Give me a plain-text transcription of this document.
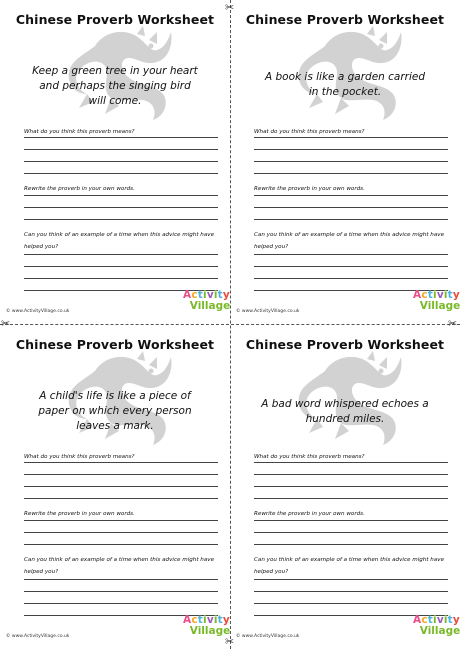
✂
✂
✂	✂
Chinese Proverb Worksheet
Keep a green tree in your heart and perhaps the singing bird will come.
What do you think this proverb means?
Rewrite the proverb in your own words.
Can you think of an example of a time when this advice might have helped you?
© www.ActivityVillage.co.uk
Activity
Village
Chinese Proverb Worksheet
A book is like a garden carried in the pocket.
What do you think this proverb means?
Rewrite the proverb in your own words.
Can you think of an example of a time when this advice might have helped you?
© www.ActivityVillage.co.uk
Activity
Village
Chinese Proverb Worksheet
A child's life is like a piece of paper on which every person leaves a mark.
What do you think this proverb means?
Rewrite the proverb in your own words.
Can you think of an example of a time when this advice might have helped you?
© www.ActivityVillage.co.uk
Activity
Village
Chinese Proverb Worksheet
A bad word whispered echoes a hundred miles.
What do you think this proverb means?
Rewrite the proverb in your own words.
Can you think of an example of a time when this advice might have helped you?
© www.ActivityVillage.co.uk
Activity
Village
